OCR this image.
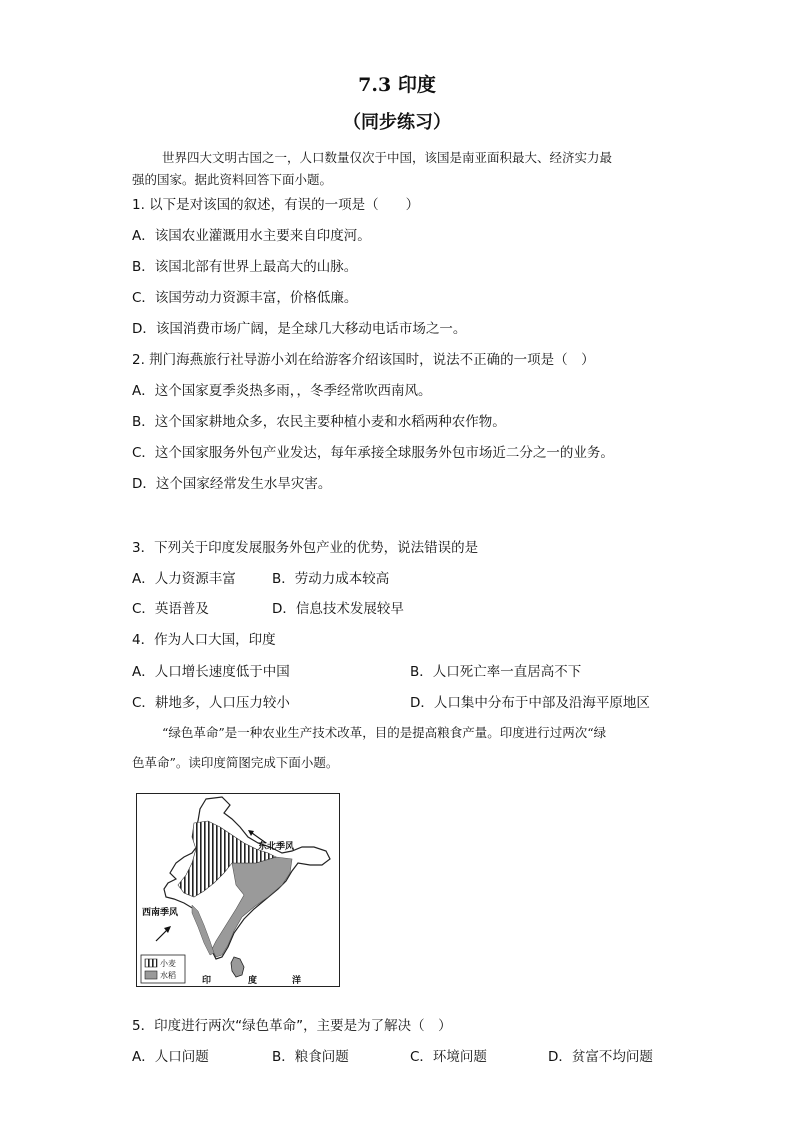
7.3 印度
（同步练习）
世界四大文明古国之一，人口数量仅次于中国，该国是南亚面积最大、经济实力最
强的国家。据此资料回答下面小题。
1. 以下是对该国的叙述，有误的一项是（　　）
A．该国农业灌溉用水主要来自印度河。
B．该国北部有世界上最高大的山脉。
C．该国劳动力资源丰富，价格低廉。
D．该国消费市场广阔，是全球几大移动电话市场之一。
2. 荆门海燕旅行社导游小刘在给游客介绍该国时，说法不正确的一项是（　）
A．这个国家夏季炎热多雨，，冬季经常吹西南风。
B．这个国家耕地众多，农民主要种植小麦和水稻两种农作物。
C．这个国家服务外包产业发达，每年承接全球服务外包市场近二分之一的业务。
D．这个国家经常发生水旱灾害。
3．下列关于印度发展服务外包产业的优势，说法错误的是
A．人力资源丰富	B．劳动力成本较高
C．英语普及	D．信息技术发展较早
4．作为人口大国，印度
A．人口增长速度低于中国	B．人口死亡率一直居高不下
C．耕地多，人口压力较小	D．人口集中分布于中部及沿海平原地区
“绿色革命”是一种农业生产技术改革，目的是提高粮食产量。印度进行过两次“绿
色革命”。读印度简图完成下面小题。
东北季风
西南季风
小麦
水稻
印	度	洋
5．印度进行两次“绿色革命”，主要是为了解决（　）
A．人口问题	B．粮食问题	C．环境问题	D．贫富不均问题
